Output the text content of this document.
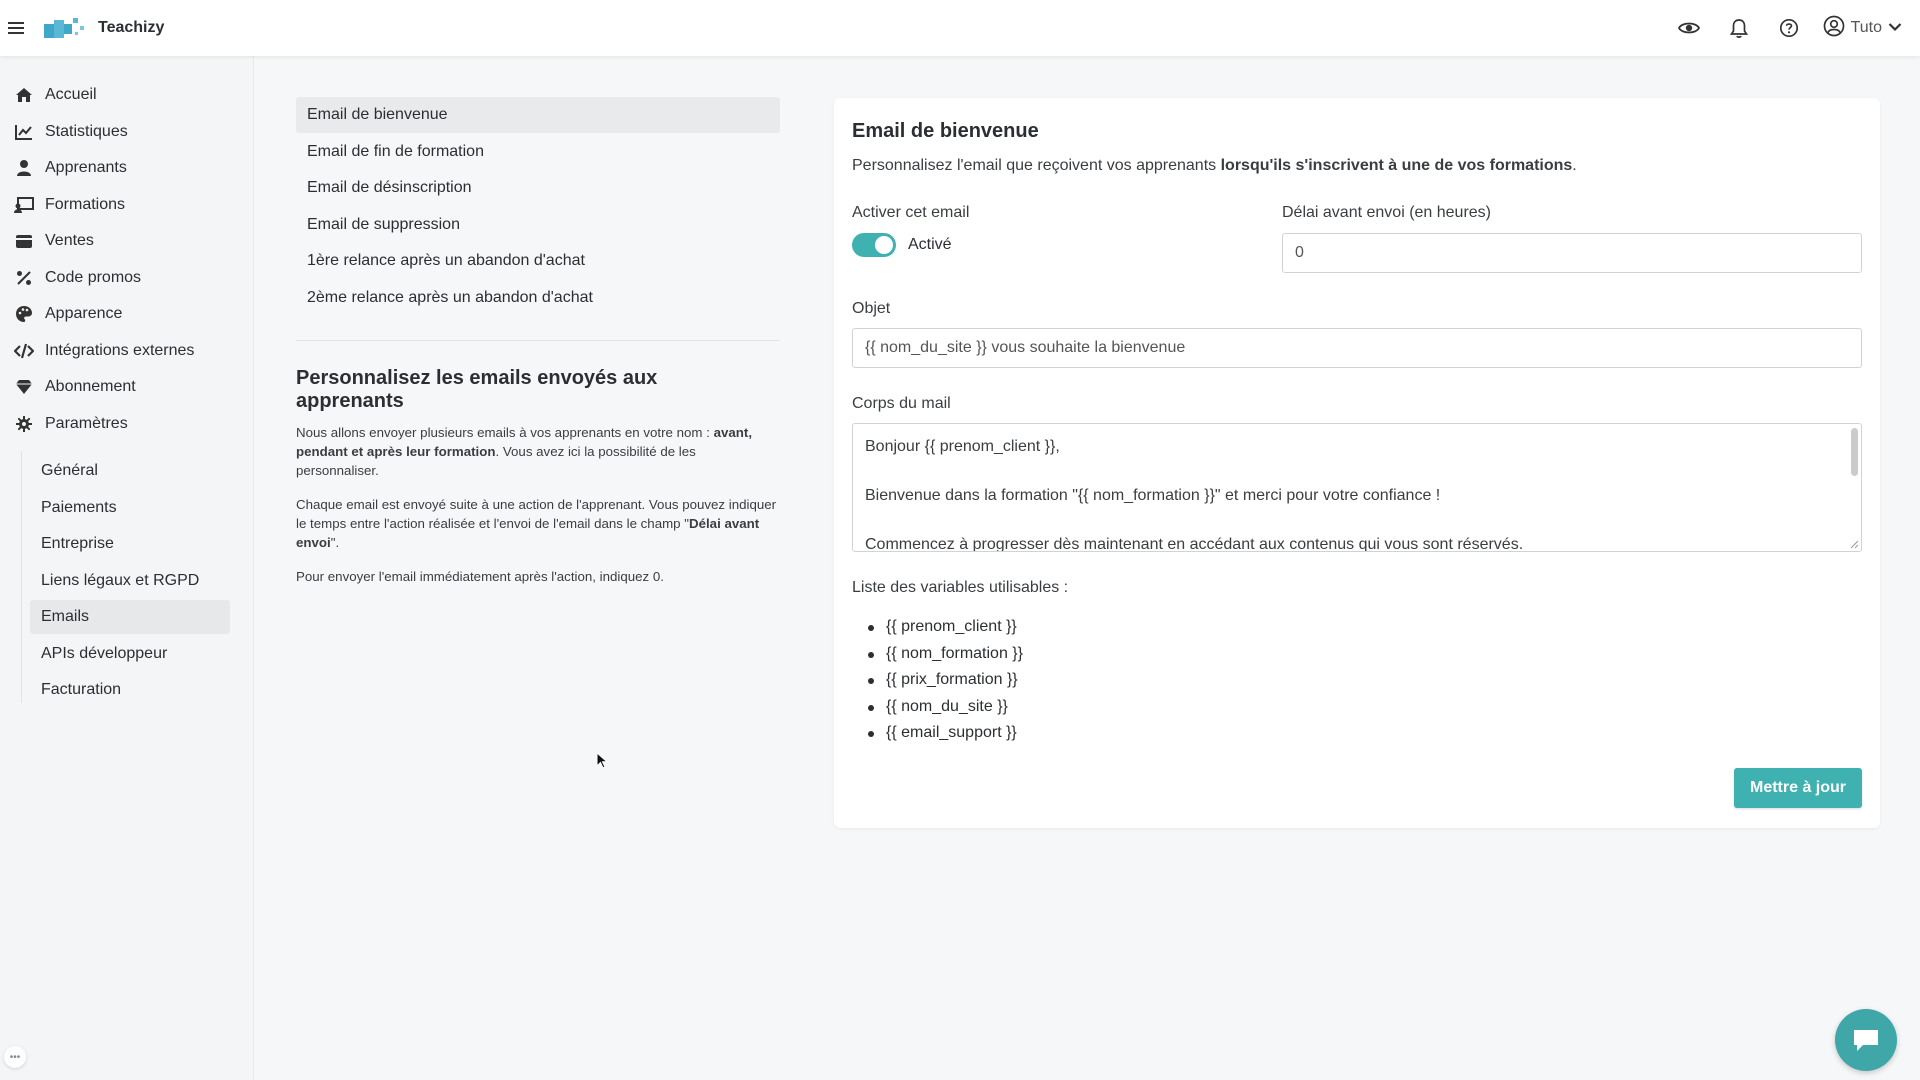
Teachizy	Tuto
Accueil
Statistiques
Apprenants
Formations
Ventes
Code promos
Apparence
Intégrations externes
Abonnement
Paramètres
Général
Paiements
Entreprise
Liens légaux et RGPD
Emails
APIs développeur
Facturation
•••
Email de bienvenue
Email de fin de formation
Email de désinscription
Email de suppression
1ère relance après un abandon d'achat
2ème relance après un abandon d'achat
Personnalisez les emails envoyés aux apprenants

Nous allons envoyer plusieurs emails à vos apprenants en votre nom : avant, pendant et après leur formation. Vous avez ici la possibilité de les personnaliser.

Chaque email est envoyé suite à une action de l'apprenant. Vous pouvez indiquer le temps entre l'action réalisée et l'envoi de l'email dans le champ "Délai avant envoi".

Pour envoyer l'email immédiatement après l'action, indiquez 0.

Email de bienvenue
Personnalisez l'email que reçoivent vos apprenants lorsqu'ils s'inscrivent à une de vos formations.
Activer cet email
Activé
Délai avant envoi (en heures)
0
Objet
{{ nom_du_site }} vous souhaite la bienvenue
Corps du mail
Bonjour {{ prenom_client }},
Bienvenue dans la formation "{{ nom_formation }}" et merci pour votre confiance !
Commencez à progresser dès maintenant en accédant aux contenus qui vous sont réservés.
Liste des variables utilisables :
{{ prenom_client }}
{{ nom_formation }}
{{ prix_formation }}
{{ nom_du_site }}
{{ email_support }}
Mettre à jour
